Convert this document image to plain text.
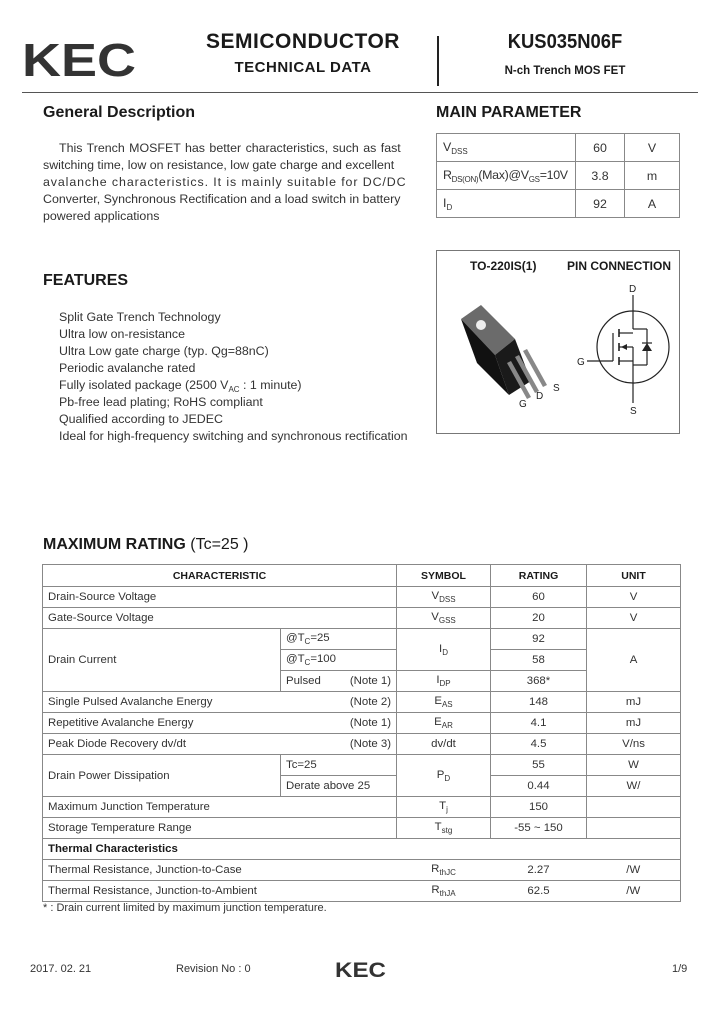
KEC	SEMICONDUCTOR
TECHNICAL DATA
KUS035N06F
N-ch Trench MOS FET
General Description
This Trench MOSFET has better characteristics, such as fast
switching time, low on resistance, low gate charge and excellent
avalanche characteristics. It is mainly suitable for DC/DC
Converter, Synchronous Rectification and a load switch in battery
powered applications
MAIN PARAMETER
$V_{DSS}$	60	V
$R_{DS(ON)}(Max)@V_{GS}=10V$	3.8	m
$I_D$	92	A
TO-220IS(1)	PIN CONNECTION
G
D
S
D
G
S
FEATURES
Split Gate Trench Technology
Ultra low on-resistance
Ultra Low gate charge (typ. Qg=88nC)
Periodic avalanche rated
Fully isolated package (2500 $V_{AC}$ : 1 minute)
Pb-free lead plating; RoHS compliant
Qualified according to JEDEC
Ideal for high-frequency switching and synchronous rectification
MAXIMUM RATING (Tc=25 )
CHARACTERISTIC		SYMBOL	RATING	UNIT
Drain-Source Voltage		$V_{DSS}$	60	V
Gate-Source Voltage		$V_{GSS}$	20	V
Drain Current	$@T_C=25$	$I_D$	92	A
	$@T_C=100$		58	
	Pulsed (Note 1)	$I_{DP}$	368*	
Single Pulsed Avalanche Energy (Note 2)		$E_{AS}$	148	mJ
Repetitive Avalanche Energy (Note 1)		$E_{AR}$	4.1	mJ
Peak Diode Recovery dv/dt (Note 3)		dv/dt	4.5	V/ns
Drain Power Dissipation	Tc=25	$P_D$	55	W
	Derate above 25		0.44	W/
Maximum Junction Temperature		$T_j$	150	
Storage Temperature Range		$T_{stg}$	-55 ~ 150	
Thermal Characteristics				
Thermal Resistance, Junction-to-Case		$R_{thJC}$	2.27	/W
Thermal Resistance, Junction-to-Ambient		$R_{thJA}$	62.5	/W
* : Drain current limited by maximum junction temperature.
2017. 02. 21	Revision No : 0	KEC	1/9
